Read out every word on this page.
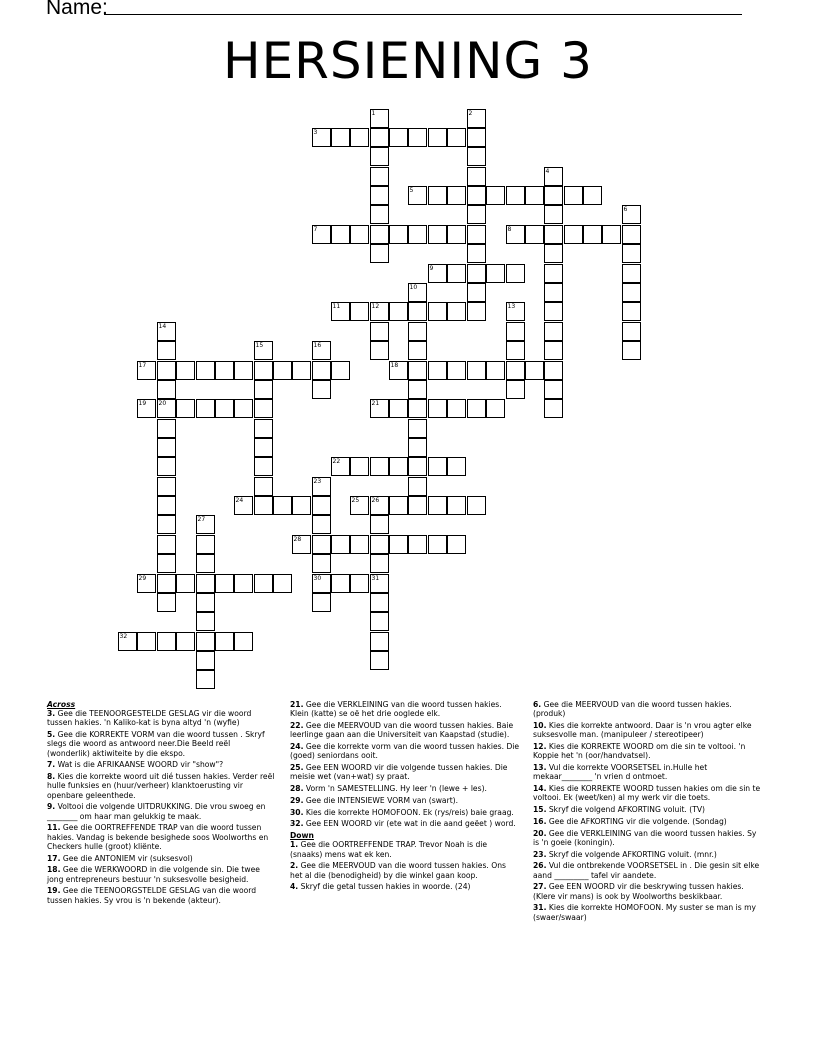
Name:
HERSIENING 3
1	2
3
4
5
6
7	8
9
10
11	12	13
14
15	16
17	18
19 20	21
22
23
24	25 26
27
28
29	30	31
32
Across
3. Gee die TEENOORGESTELDE GESLAG vir die woord tussen hakies. 'n Kaliko-kat is byna altyd 'n (wyfie)
5. Gee die KORREKTE VORM van die woord tussen . Skryf slegs die woord as antwoord neer.Die Beeld reël (wonderlik) aktiwiteite by die ekspo.
7. Wat is die AFRIKAANSE WOORD vir "show"?
8. Kies die korrekte woord uit dié tussen hakies. Verder reël hulle funksies en (huur/verheer) klanktoerusting vir openbare geleenthede.
9. Voltooi die volgende UITDRUKKING. Die vrou swoeg en ________ om haar man gelukkig te maak.
11. Gee die OORTREFFENDE TRAP van die woord tussen hakies. Vandag is bekende besighede soos Woolworths en Checkers hulle (groot) kliënte.
17. Gee die ANTONIEM vir (suksesvol)
18. Gee die WERKWOORD in die volgende sin. Die twee jong entrepreneurs bestuur 'n suksesvolle besigheid.
19. Gee die TEENOORGSTELDE GESLAG van die woord tussen hakies. Sy vrou is 'n bekende (akteur).
21. Gee die VERKLEINING van die woord tussen hakies. Klein (katte) se oë het drie ooglede elk.
22. Gee die MEERVOUD van die woord tussen hakies. Baie leerlinge gaan aan die Universiteit van Kaapstad (studie).
24. Gee die korrekte vorm van die woord tussen hakies. Die (goed) seniordans ooit.
25. Gee EEN WOORD vir die volgende tussen hakies. Die meisie wet (van+wat) sy praat.
28. Vorm 'n SAMESTELLING. Hy leer 'n (lewe + les).
29. Gee die INTENSIEWE VORM van (swart).
30. Kies die korrekte HOMOFOON. Ek (rys/reis) baie graag.
32. Gee EEN WOORD vir (ete wat in die aand geëet ) word.
Down
1. Gee die OORTREFFENDE TRAP. Trevor Noah is die (snaaks) mens wat ek ken.
2. Gee die MEERVOUD van die woord tussen hakies. Ons het al die (benodigheid) by die winkel gaan koop.
4. Skryf die getal tussen hakies in woorde. (24)
6. Gee die MEERVOUD van die woord tussen hakies. (produk)
10. Kies die korrekte antwoord. Daar is 'n vrou agter elke suksesvolle man. (manipuleer / stereotipeer)
12. Kies die KORREKTE WOORD om die sin te voltooi. 'n Koppie het 'n (oor/handvatsel).
13. Vul die korrekte VOORSETSEL in.Hulle het mekaar________ 'n vrien d ontmoet.
14. Kies die KORREKTE WOORD tussen hakies om die sin te voltooi. Ek (weet/ken) al my werk vir die toets.
15. Skryf die volgend AFKORTING voluit. (TV)
16. Gee die AFKORTING vir die volgende. (Sondag)
20. Gee die VERKLEINING van die woord tussen hakies. Sy is 'n goeie (koningin).
23. Skryf die volgende AFKORTING voluit. (mnr.)
26. Vul die ontbrekende VOORSETSEL in . Die gesin sit elke aand _________ tafel vir aandete.
27. Gee EEN WOORD vir die beskrywing tussen hakies. (Klere vir mans) is ook by Woolworths beskikbaar.
31. Kies die korrekte HOMOFOON. My suster se man is my (swaer/swaar)
